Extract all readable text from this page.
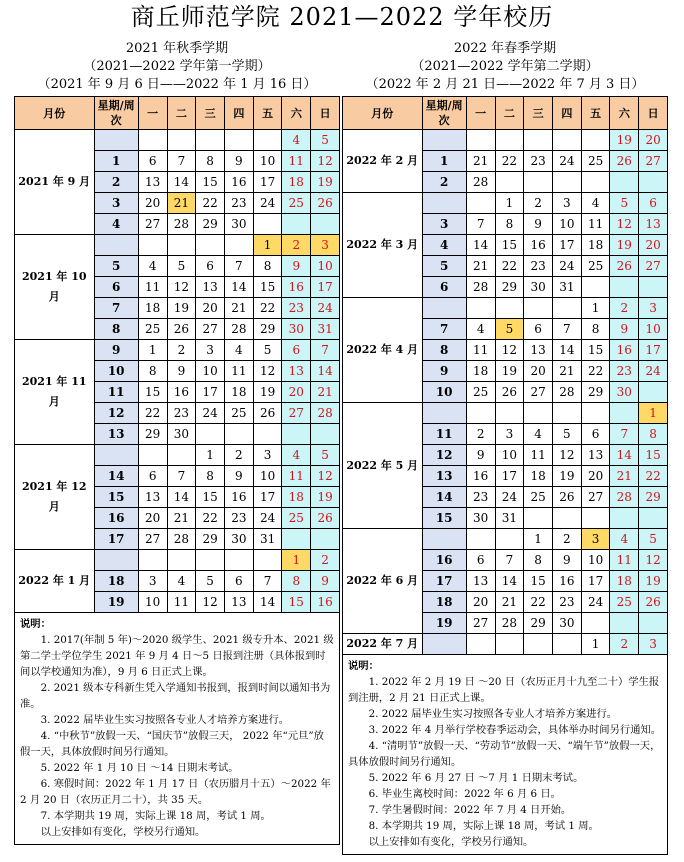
商丘师范学院 2021—2022 学年校历
2021 年秋季学期
（2021—2022 学年第一学期）
（2021 年 9 月 6 日——2022 年 1 月 16 日）
月份	星期/周次	一	二	三	四	五	六	日
2021 年 9 月							4	5
	1	6	7	8	9	10	11	12
	2	13	14	15	16	17	18	19
	3	20	21	22	23	24	25	26
	4	27	28	29	30			
2021 年 10 月						1	2	3
	5	4	5	6	7	8	9	10
	6	11	12	13	14	15	16	17
	7	18	19	20	21	22	23	24
	8	25	26	27	28	29	30	31
2021 年 11 月	9	1	2	3	4	5	6	7
	10	8	9	10	11	12	13	14
	11	15	16	17	18	19	20	21
	12	22	23	24	25	26	27	28
	13	29	30					
2021 年 12 月				1	2	3	4	5
	14	6	7	8	9	10	11	12
	15	13	14	15	16	17	18	19
	16	20	21	22	23	24	25	26
	17	27	28	29	30	31		
2022 年 1 月							1	2
	18	3	4	5	6	7	8	9
	19	10	11	12	13	14	15	16
说明：

1. 2017(年制 5 年)～2020 级学生、2021 级专升本、2021 级第二学士学位学生 2021 年 9 月 4 日～5 日报到注册（具体报到时间以学校通知为准），9 月 6 日正式上课。

2. 2021 级本专科新生凭入学通知书报到，报到时间以通知书为准。

3. 2022 届毕业生实习按照各专业人才培养方案进行。

4. “中秋节”放假一天、“国庆节”放假三天， 2022 年“元旦”放假一天，具体放假时间另行通知。

5. 2022 年 1 月 10 日 ～14 日期末考试。

6. 寒假时间：2022 年 1 月 17 日（农历腊月十五）～2022 年 2 月 20 日（农历正月二十），共 35 天。

7. 本学期共 19 周，实际上课 18 周，考试 1 周。

以上安排如有变化，学校另行通知。

2022 年春季学期
（2021—2022 学年第二学期）
（2022 年 2 月 21 日——2022 年 7 月 3 日）
月份	星期/周次	一	二	三	四	五	六	日
2022 年 2 月							19	20
	1	21	22	23	24	25	26	27
	2	28						
2022 年 3 月			1	2	3	4	5	6
	3	7	8	9	10	11	12	13
	4	14	15	16	17	18	19	20
	5	21	22	23	24	25	26	27
	6	28	29	30	31			
2022 年 4 月						1	2	3
	7	4	5	6	7	8	9	10
	8	11	12	13	14	15	16	17
	9	18	19	20	21	22	23	24
	10	25	26	27	28	29	30	
2022 年 5 月								1
	11	2	3	4	5	6	7	8
	12	9	10	11	12	13	14	15
	13	16	17	18	19	20	21	22
	14	23	24	25	26	27	28	29
	15	30	31					
2022 年 6 月				1	2	3	4	5
	16	6	7	8	9	10	11	12
	17	13	14	15	16	17	18	19
	18	20	21	22	23	24	25	26
	19	27	28	29	30			
2022 年 7 月						1	2	3
说明：

1. 2022 年 2 月 19 日 ～20 日（农历正月十九至二十）学生报到注册，2 月 21 日正式上课。

2. 2022 届毕业生实习按照各专业人才培养方案进行。

3. 2022 年 4 月举行学校春季运动会，具体举办时间另行通知。

4. “清明节”放假一天、“劳动节”放假一天、“端午节”放假一天，具体放假时间另行通知。

5. 2022 年 6 月 27 日 ～7 月 1 日期末考试。

6. 毕业生离校时间：2022 年 6 月 6 日。

7. 学生暑假时间：2022 年 7 月 4 日开始。

8. 本学期共 19 周，实际上课 18 周，考试 1 周。

以上安排如有变化，学校另行通知。
